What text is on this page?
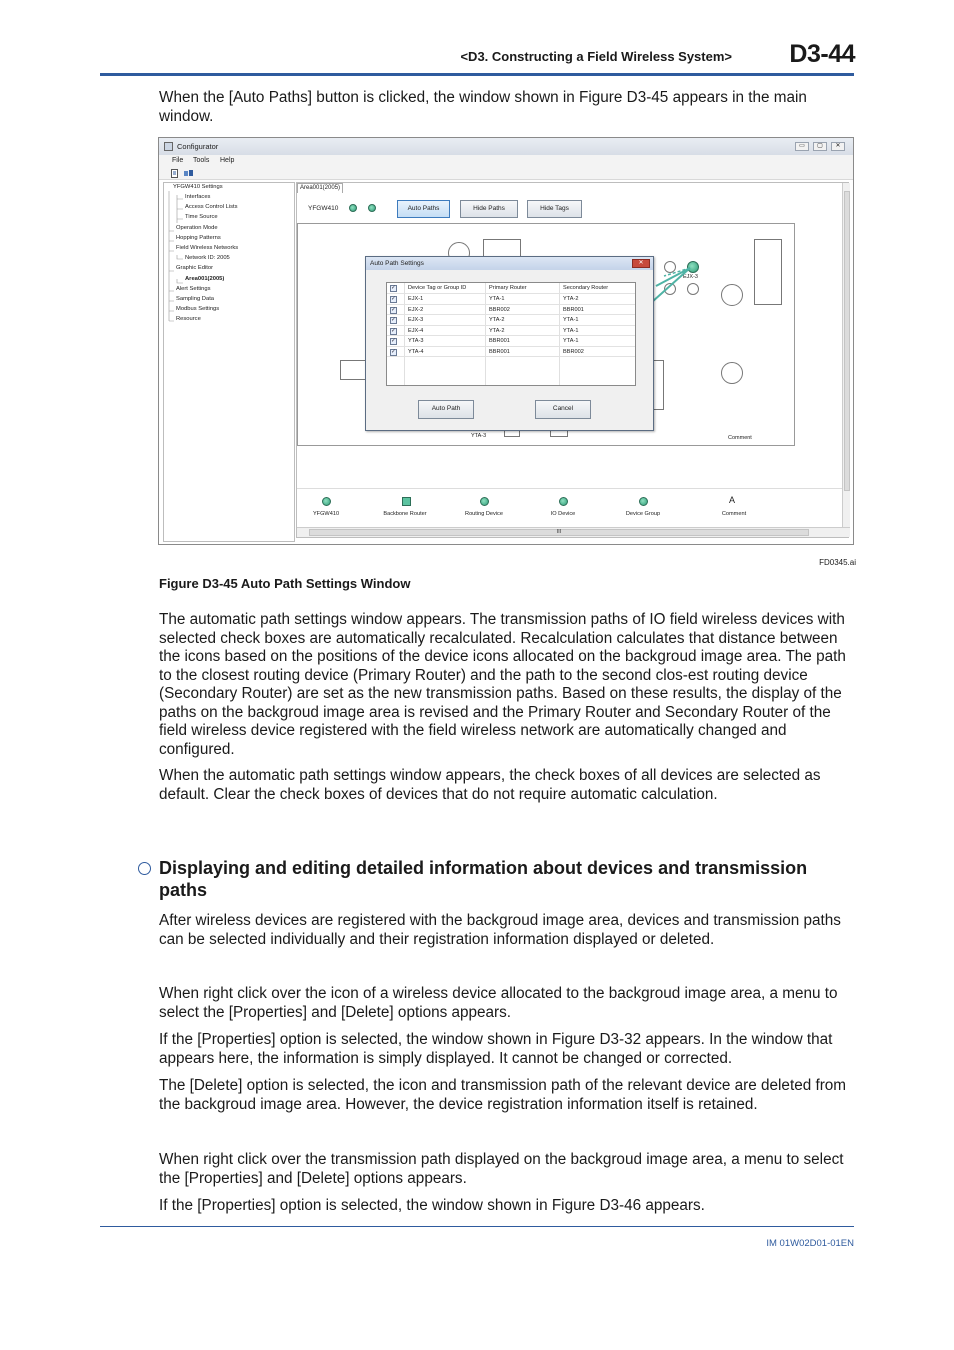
<D3. Constructing a Field Wireless System>	D3-44
When the [Auto Paths] button is clicked, the window shown in Figure D3-45 appears in the main window.
Configurator	▭	▢	✕
File Tools Help
YFGW410 Settings
Interfaces
Access Control Lists
Time Source
Operation Mode
Hopping Patterns
Field Wireless Networks
Network ID: 2005
Graphic Editor
Area001(2005)
Alert Settings
Sampling Data
Modbus Settings
Resource
Area001(2005)
YFGW410	Auto Paths	Hide Paths	Hide Tags
EJX-3
YTA-3	Comment
Auto Path Settings	✕
✓ Device Tag or Group ID	Primary Router	Secondary Router
✓ EJX-1	YTA-1	YTA-2
✓ EJX-2	BBR002	BBR001
✓ EJX-3	YTA-2	YTA-1
✓ EJX-4	YTA-2	YTA-1
✓ YTA-3	BBR001	YTA-1
✓ YTA-4	BBR001	BBR002
Auto Path	Cancel
YFGW410	Backbone Router	Routing Device	IO Device	Device Group
A
Comment
III
FD0345.ai
Figure D3-45 Auto Path Settings Window
The automatic path settings window appears. The transmission paths of IO field wireless devices with selected check boxes are automatically recalculated. Recalculation calculates that distance between the icons based on the positions of the device icons allocated on the backgroud image area. The path to the closest routing device (Primary Router) and the path to the second clos-est routing device (Secondary Router) are set as the new transmission paths. Based on these results, the display of the paths on the backgroud image area is revised and the Primary Router and Secondary Router of the field wireless device registered with the field wireless network are automatically changed and configured.
When the automatic path settings window appears, the check boxes of all devices are selected as default. Clear the check boxes of devices that do not require automatic calculation.
Displaying and editing detailed information about devices and transmission paths
After wireless devices are registered with the backgroud image area, devices and transmission paths can be selected individually and their registration information displayed or deleted.
When right click over the icon of a wireless device allocated to the backgroud image area, a menu to select the [Properties] and [Delete] options appears.
If the [Properties] option is selected, the window shown in Figure D3-32 appears. In the window that appears here, the information is simply displayed. It cannot be changed or corrected.
The [Delete] option is selected, the icon and transmission path of the relevant device are deleted from the backgroud image area. However, the device registration information itself is retained.
When right click over the transmission path displayed on the backgroud image area, a menu to select the [Properties] and [Delete] options appears.
If the [Properties] option is selected, the window shown in Figure D3-46 appears.
IM 01W02D01-01EN
